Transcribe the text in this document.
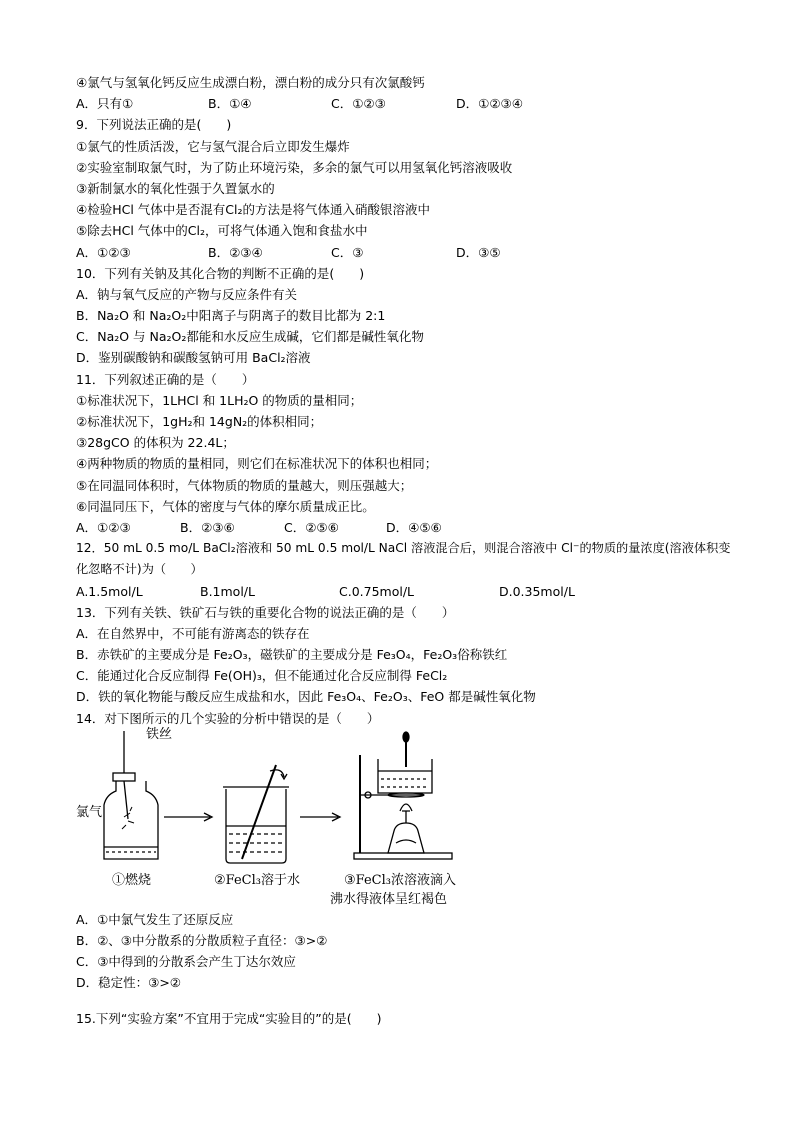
④氯气与氢氧化钙反应生成漂白粉，漂白粉的成分只有次氯酸钙
A．只有①	B．①④	C．①②③	D．①②③④
9．下列说法正确的是(　　)
①氯气的性质活泼，它与氢气混合后立即发生爆炸
②实验室制取氯气时，为了防止环境污染，多余的氯气可以用氢氧化钙溶液吸收
③新制氯水的氧化性强于久置氯水的
④检验HCl 气体中是否混有Cl₂的方法是将气体通入硝酸银溶液中
⑤除去HCl 气体中的Cl₂，可将气体通入饱和食盐水中
A．①②③	B．②③④	C．③	D．③⑤
10．下列有关钠及其化合物的判断不正确的是(　　)
A．钠与氧气反应的产物与反应条件有关
B．Na₂O 和 Na₂O₂中阳离子与阴离子的数目比都为 2:1
C．Na₂O 与 Na₂O₂都能和水反应生成碱，它们都是碱性氧化物
D．鉴别碳酸钠和碳酸氢钠可用 BaCl₂溶液
11．下列叙述正确的是（　　）
①标准状况下，1LHCl 和 1LH₂O 的物质的量相同；
②标准状况下，1gH₂和 14gN₂的体积相同；
③28gCO 的体积为 22.4L；
④两种物质的物质的量相同，则它们在标准状况下的体积也相同；
⑤在同温同体积时，气体物质的物质的量越大，则压强越大；
⑥同温同压下，气体的密度与气体的摩尔质量成正比。
A．①②③	B．②③⑥	C．②⑤⑥	D．④⑤⑥
12．50 mL 0.5 mo/L BaCl₂溶液和 50 mL 0.5 mol/L NaCl 溶液混合后，则混合溶液中 Cl⁻的物质的量浓度(溶液体积变化忽略不计)为（　　）
A.1.5mol/L	B.1mol/L	C.0.75mol/L	D.0.35mol/L
13．下列有关铁、铁矿石与铁的重要化合物的说法正确的是（　　）
A．在自然界中，不可能有游离态的铁存在
B．赤铁矿的主要成分是 Fe₂O₃，磁铁矿的主要成分是 Fe₃O₄，Fe₂O₃俗称铁红
C．能通过化合反应制得 Fe(OH)₃，但不能通过化合反应制得 FeCl₂
D．铁的氧化物能与酸反应生成盐和水，因此 Fe₃O₄、Fe₂O₃、FeO 都是碱性氧化物
14．对下图所示的几个实验的分析中错误的是（　　）
铁丝
氯气
①燃烧	②FeCl₃溶于水	③FeCl₃浓溶液滴入
沸水得液体呈红褐色
A．①中氯气发生了还原反应
B．②、③中分散系的分散质粒子直径：③>②
C．③中得到的分散系会产生丁达尔效应
D．稳定性：③>②
15.下列“实验方案”不宜用于完成“实验目的”的是(　　)
